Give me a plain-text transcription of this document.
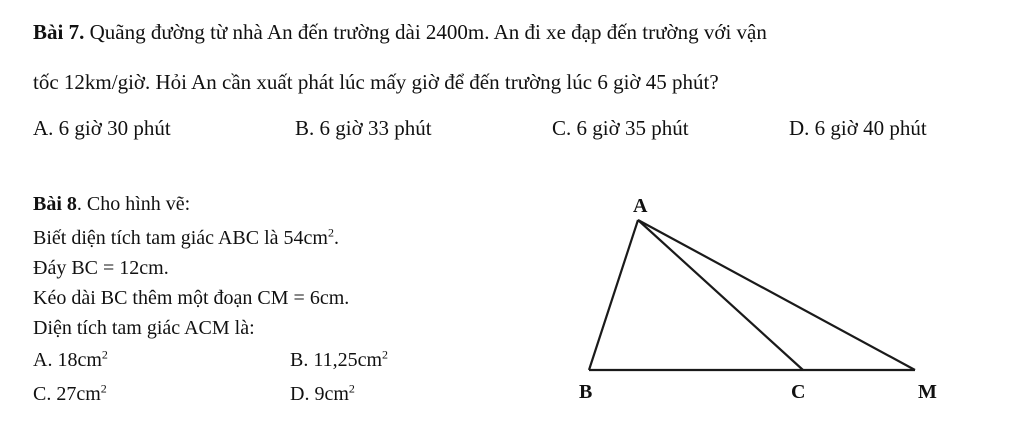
Bài 7. Quãng đường từ nhà An đến trường dài 2400m. An đi xe đạp đến trường với vận
tốc 12km/giờ. Hỏi An cần xuất phát lúc mấy giờ để đến trường lúc 6 giờ 45 phút?
A. 6 giờ 30 phút	B. 6 giờ 33 phút	C. 6 giờ 35 phút	D. 6 giờ 40 phút
Bài 8. Cho hình vẽ:
Biết diện tích tam giác ABC là $54cm^2$.
Đáy BC = 12cm.
Kéo dài BC thêm một đoạn CM = 6cm.
Diện tích tam giác ACM là:
A. $18cm^2$	B. $11,25cm^2$
C. $27cm^2$	D. $9cm^2$
A
B	C	M
